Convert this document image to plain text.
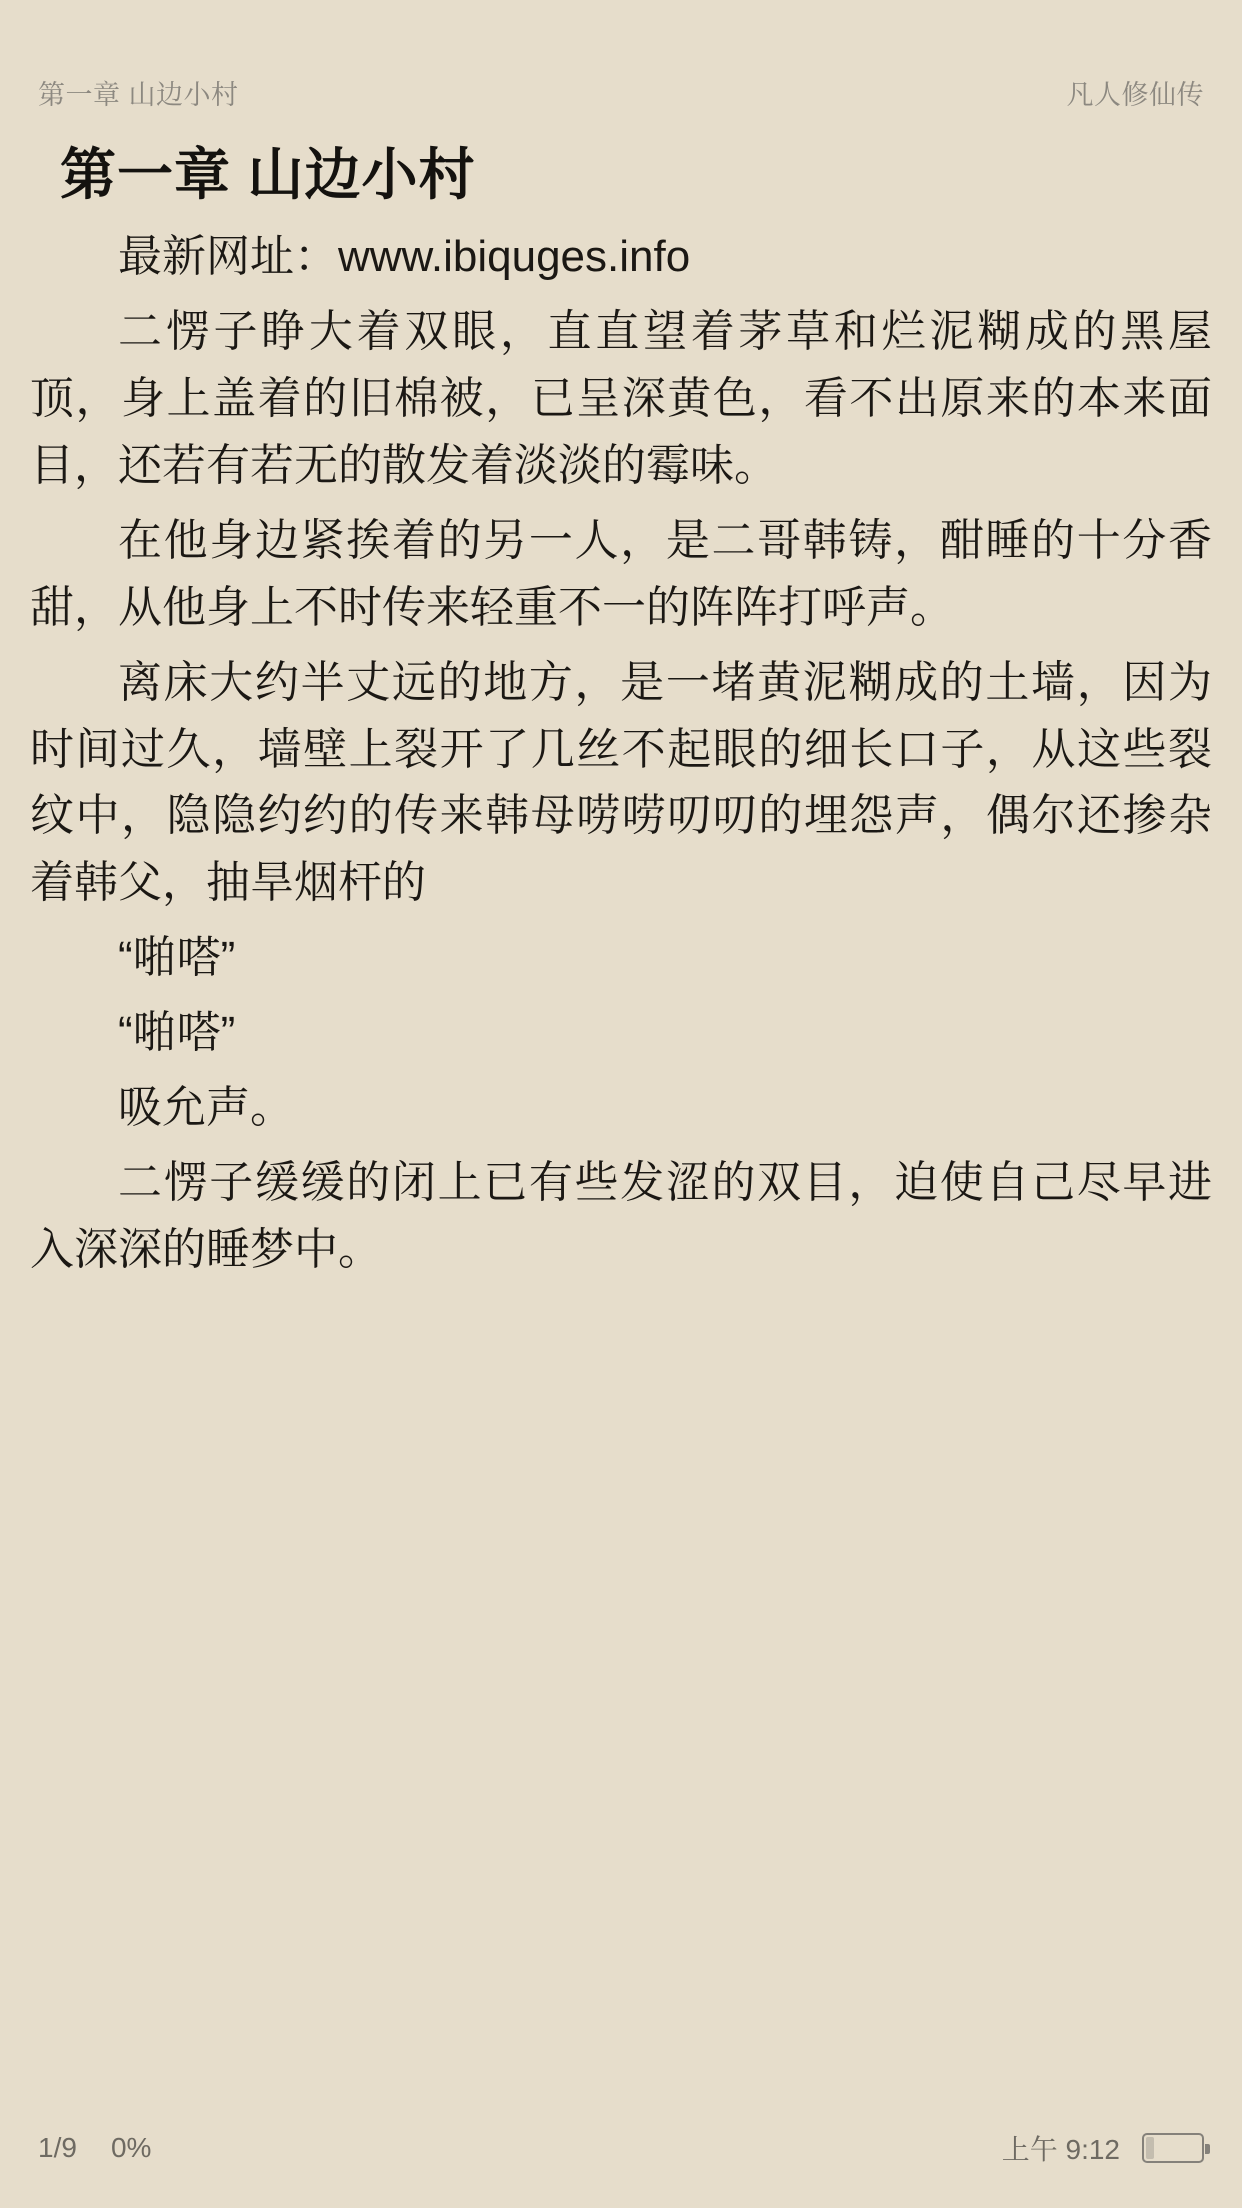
第一章 山边小村	凡人修仙传
第一章 山边小村

最新网址：www.ibiquges.info

二愣子睁大着双眼，直直望着茅草和烂泥糊成的黑屋顶，身上盖着的旧棉被，已呈深黄色，看不出原来的本来面目，还若有若无的散发着淡淡的霉味。

在他身边紧挨着的另一人，是二哥韩铸，酣睡的十分香甜，从他身上不时传来轻重不一的阵阵打呼声。

离床大约半丈远的地方，是一堵黄泥糊成的土墙，因为时间过久，墙壁上裂开了几丝不起眼的细长口子，从这些裂纹中，隐隐约约的传来韩母唠唠叨叨的埋怨声，偶尔还掺杂着韩父，抽旱烟杆的

“啪嗒”

“啪嗒”

吸允声。

二愣子缓缓的闭上已有些发涩的双目，迫使自己尽早进入深深的睡梦中。

1/9 0%	上午 9:12
